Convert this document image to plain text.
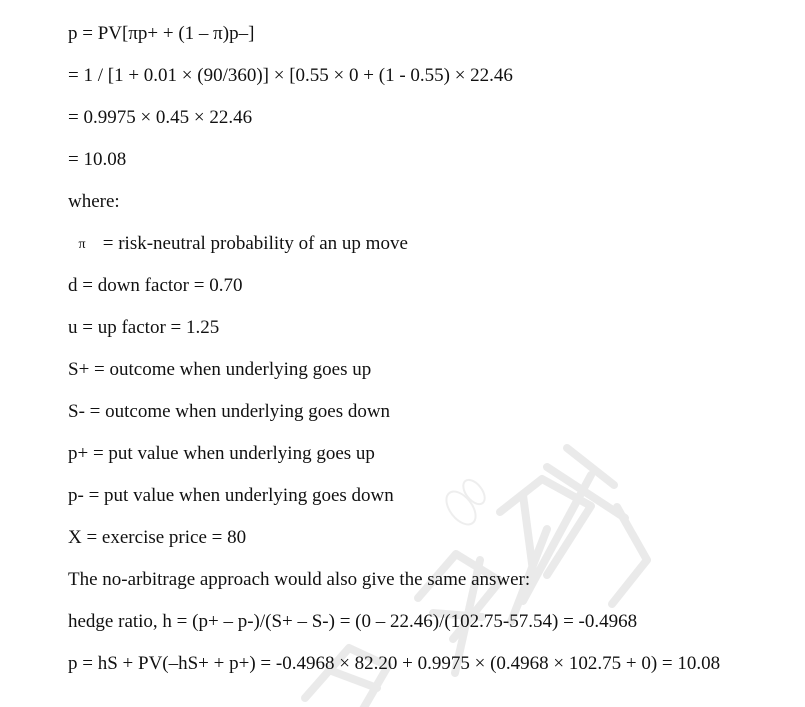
p = PV[πp+ + (1 – π)p–]
= 1 / [1 + 0.01 × (90/360)] × [0.55 × 0 + (1 - 0.55) × 22.46
= 0.9975 × 0.45 × 22.46
= 10.08
where:
π = risk-neutral probability of an up move
d = down factor = 0.70
u = up factor = 1.25
S+ = outcome when underlying goes up
S- = outcome when underlying goes down
p+ = put value when underlying goes up
p- = put value when underlying goes down
X = exercise price = 80
The no-arbitrage approach would also give the same answer:
hedge ratio, h = (p+ – p-)/(S+ – S-) = (0 – 22.46)/(102.75-57.54) = -0.4968
p = hS + PV(–hS+ + p+) = -0.4968 × 82.20 + 0.9975 × (0.4968 × 102.75 + 0) = 10.08
